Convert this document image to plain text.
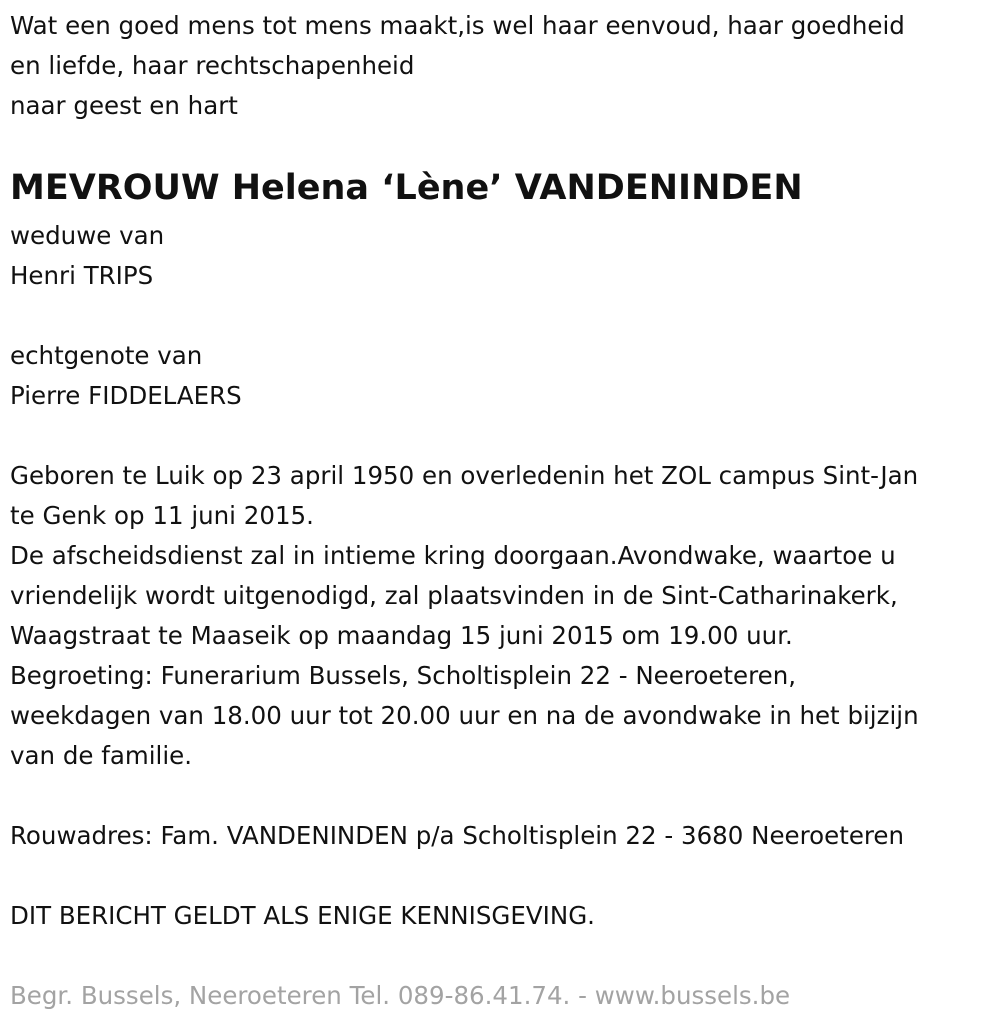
Wat een goed mens tot mens maakt,is wel haar eenvoud, haar goedheid
en liefde, haar rechtschapenheid
naar geest en hart
MEVROUW Helena ‘Lène’ VANDENINDEN
weduwe van
Henri TRIPS
echtgenote van
Pierre FIDDELAERS
Geboren te Luik op 23 april 1950 en overledenin het ZOL campus Sint-Jan
te Genk op 11 juni 2015.
De afscheidsdienst zal in intieme kring doorgaan.Avondwake, waartoe u
vriendelijk wordt uitgenodigd, zal plaatsvinden in de Sint-Catharinakerk,
Waagstraat te Maaseik op maandag 15 juni 2015 om 19.00 uur.
Begroeting: Funerarium Bussels, Scholtisplein 22 - Neeroeteren,
weekdagen van 18.00 uur tot 20.00 uur en na de avondwake in het bijzijn
van de familie.
Rouwadres: Fam. VANDENINDEN p/a Scholtisplein 22 - 3680 Neeroeteren
DIT BERICHT GELDT ALS ENIGE KENNISGEVING.
Begr. Bussels, Neeroeteren Tel. 089-86.41.74. - www.bussels.be
